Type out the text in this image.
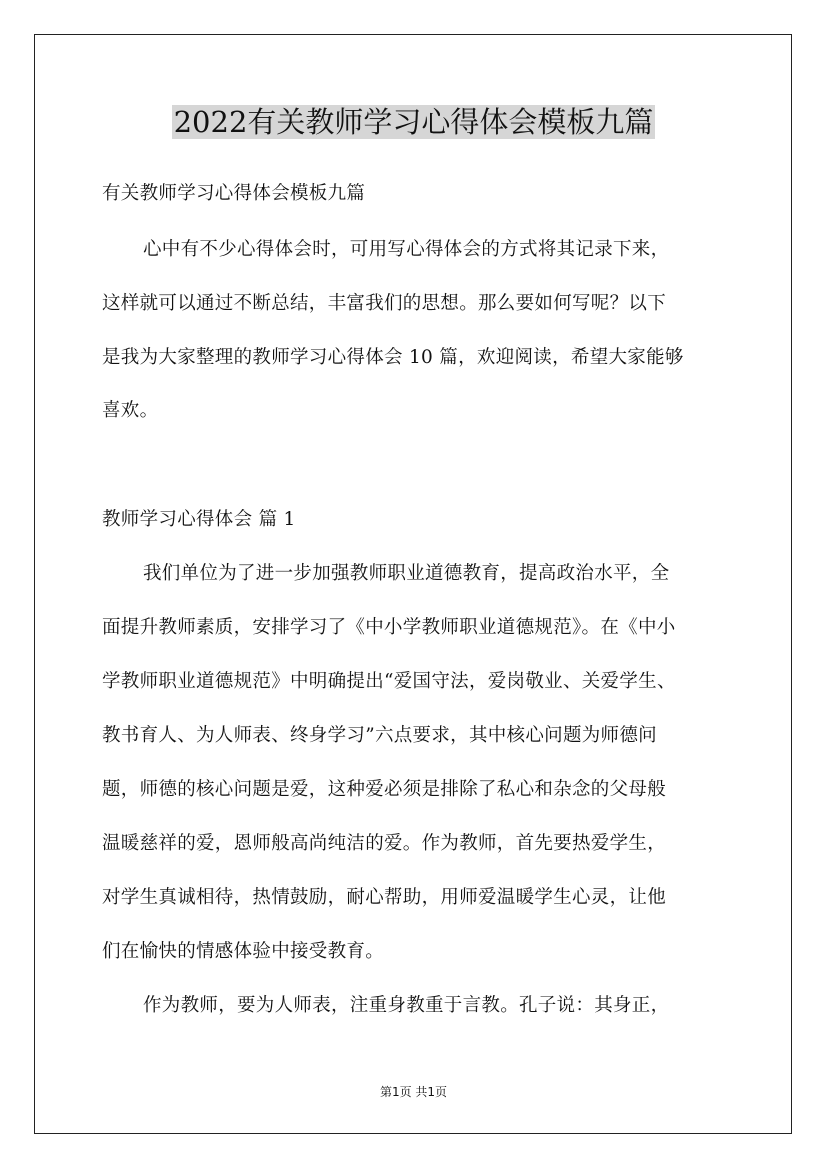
2022有关教师学习心得体会模板九篇
有关教师学习心得体会模板九篇
心中有不少心得体会时，可用写心得体会的方式将其记录下来，
这样就可以通过不断总结，丰富我们的思想。那么要如何写呢？以下
是我为大家整理的教师学习心得体会 10 篇，欢迎阅读，希望大家能够
喜欢。
教师学习心得体会 篇 1
我们单位为了进一步加强教师职业道德教育，提高政治水平，全
面提升教师素质，安排学习了《中小学教师职业道德规范》。在《中小
学教师职业道德规范》中明确提出“爱国守法，爱岗敬业、关爱学生、
教书育人、为人师表、终身学习”六点要求，其中核心问题为师德问
题，师德的核心问题是爱，这种爱必须是排除了私心和杂念的父母般
温暖慈祥的爱，恩师般高尚纯洁的爱。作为教师，首先要热爱学生，
对学生真诚相待，热情鼓励，耐心帮助，用师爱温暖学生心灵，让他
们在愉快的情感体验中接受教育。
作为教师，要为人师表，注重身教重于言教。孔子说：其身正，
第1页 共1页
